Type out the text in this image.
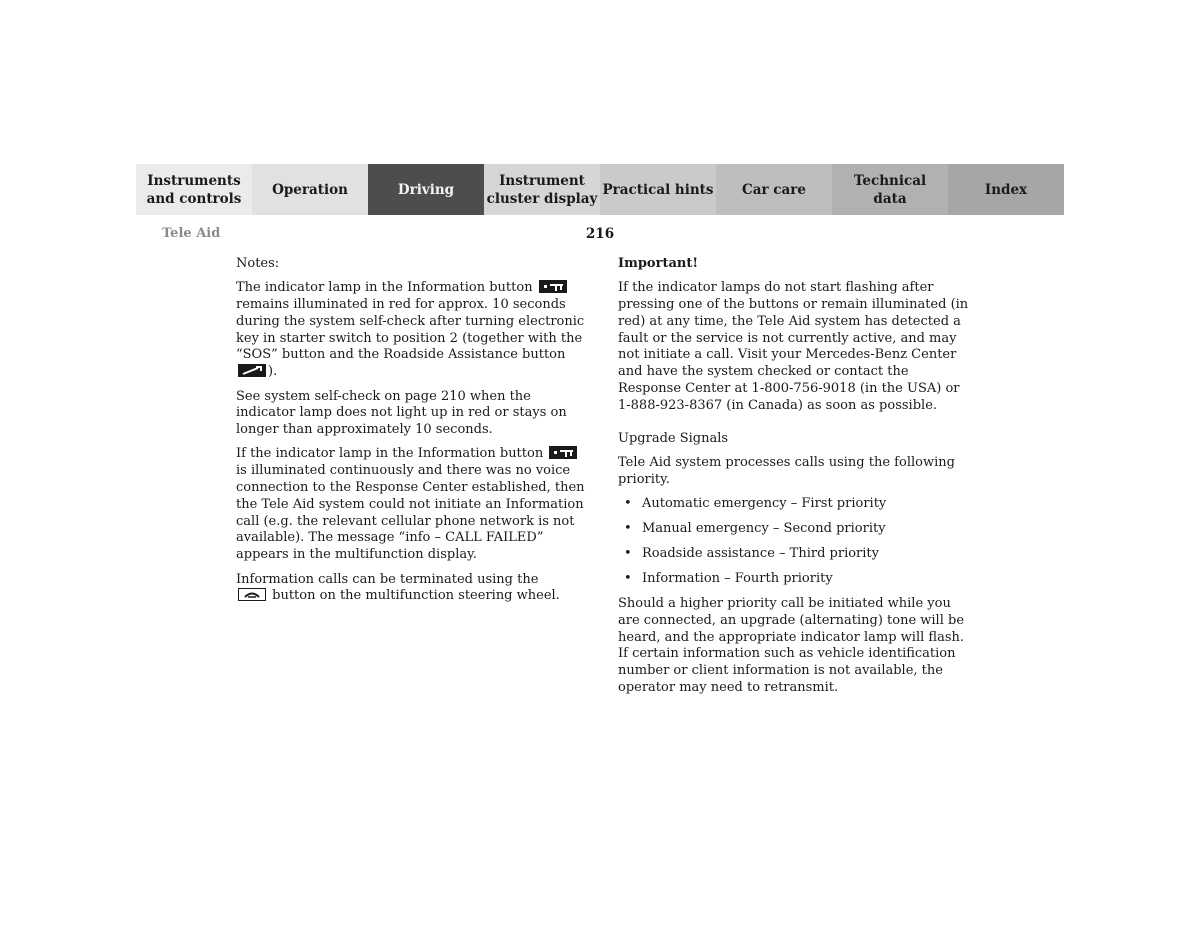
Instruments
and controls
Operation	Driving
Instrument
cluster display
Practical hints Car care
Technical
data
Index
Tele Aid	216

Notes:

The indicator lamp in the Information button
remains illuminated in red for approx. 10 seconds during the system self-check after turning electronic key in starter switch to position 2 (together with the “SOS” button and the Roadside Assistance button
).

See system self-check on page 210 when the indicator lamp does not light up in red or stays on longer than approximately 10 seconds.

If the indicator lamp in the Information button
is illuminated continuously and there was no voice connection to the Response Center established, then the Tele Aid system could not initiate an Information call (e.g. the relevant cellular phone network is not available). The message “info – CALL FAILED” appears in the multifunction display.

Information calls can be terminated using the

button on the multifunction steering wheel.

Important!

If the indicator lamps do not start flashing after pressing one of the buttons or remain illuminated (in red) at any time, the Tele Aid system has detected a fault or the service is not currently active, and may not initiate a call. Visit your Mercedes-Benz Center and have the system checked or contact the Response Center at 1-800-756-9018 (in the USA) or 1-888-923-8367 (in Canada) as soon as possible.

Upgrade Signals

Tele Aid system processes calls using the following priority.

• Automatic emergency – First priority
• Manual emergency – Second priority
• Roadside assistance – Third priority
• Information – Fourth priority

Should a higher priority call be initiated while you are connected, an upgrade (alternating) tone will be heard, and the appropriate indicator lamp will flash. If certain information such as vehicle identification number or client information is not available, the operator may need to retransmit.
